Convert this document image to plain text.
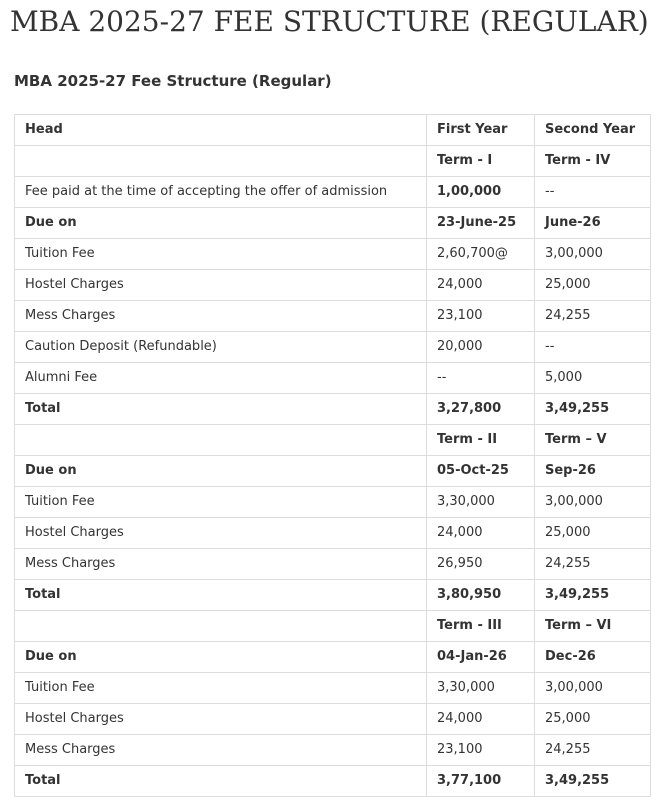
MBA 2025-27 FEE STRUCTURE (REGULAR)
MBA 2025-27 Fee Structure (Regular)
Head	First Year	Second Year
	Term - I	Term - IV
Fee paid at the time of accepting the offer of admission	1,00,000	--
Due on	23-June-25	June-26
Tuition Fee	2,60,700@	3,00,000
Hostel Charges	24,000	25,000
Mess Charges	23,100	24,255
Caution Deposit (Refundable)	20,000	--
Alumni Fee	--	5,000
Total	3,27,800	3,49,255
	Term - II	Term – V
Due on	05-Oct-25	Sep-26
Tuition Fee	3,30,000	3,00,000
Hostel Charges	24,000	25,000
Mess Charges	26,950	24,255
Total	3,80,950	3,49,255
	Term - III	Term – VI
Due on	04-Jan-26	Dec-26
Tuition Fee	3,30,000	3,00,000
Hostel Charges	24,000	25,000
Mess Charges	23,100	24,255
Total	3,77,100	3,49,255
